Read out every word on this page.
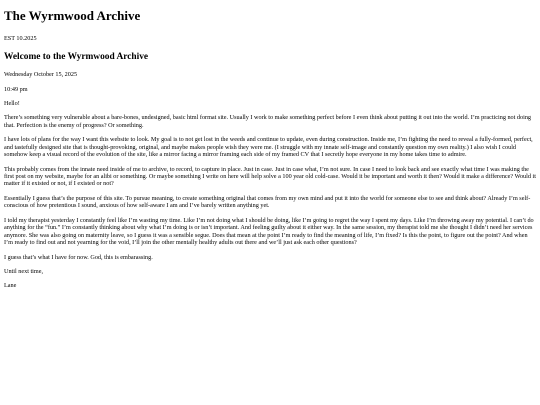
The Wyrmwood Archive

EST 10.2025

Welcome to the Wyrmwood Archive

Wednesday October 15, 2025

10:49 pm

Hello!

There’s something very vulnerable about a bare-bones, undesigned, basic html format site. Usually I work to make something perfect before I even think about putting it out into the world. I’m practicing not doing that. Perfection is the enemy of progress? Or something.

I have lots of plans for the way I want this website to look. My goal is to not get lost in the weeds and continue to update, even during construction. Inside me, I’m fighting the need to reveal a fully-formed, perfect, and tastefully designed site that is thought-provoking, original, and maybe makes people wish they were me. (I struggle with my innate self-image and constantly question my own reality.) I also wish I could somehow keep a visual record of the evolution of the site, like a mirror facing a mirror framing each side of my framed CV that I secretly hope everyone in my home takes time to admire.

This probably comes from the innate need inside of me to archive, to record, to capture in place. Just in case. Just in case what, I’m not sure. In case I need to look back and see exactly what time I was making the first post on my website, maybe for an alibi or something. Or maybe something I write on here will help solve a 100 year old cold-case. Would it be important and worth it then? Would it make a difference? Would it matter if it existed or not, if I existed or not?

Essentially I guess that’s the purpose of this site. To pursue meaning, to create something original that comes from my own mind and put it into the world for someone else to see and think about? Already I’m self-conscious of how pretentious I sound, anxious of how self-aware I am and I’ve barely written anything yet.

I told my therapist yesterday I constantly feel like I’m wasting my time. Like I’m not doing what I should be doing, like I’m going to regret the way I spent my days. Like I’m throwing away my potential. I can’t do anything for the “fun.” I’m constantly thinking about why what I’m doing is or isn’t important. And feeling guilty about it either way. In the same session, my therapist told me she thought I didn’t need her services anymore. She was also going on maternity leave, so I guess it was a sensible segue. Does that mean at the point I’m ready to find the meaning of life, I’m fixed? Is this the point, to figure out the point? And when I’m ready to find out and not yearning for the void, I’ll join the other mentally healthy adults out there and we’ll just ask each other questions?

I guess that’s what I have for now. God, this is embarassing.

Until next time,

Lane
